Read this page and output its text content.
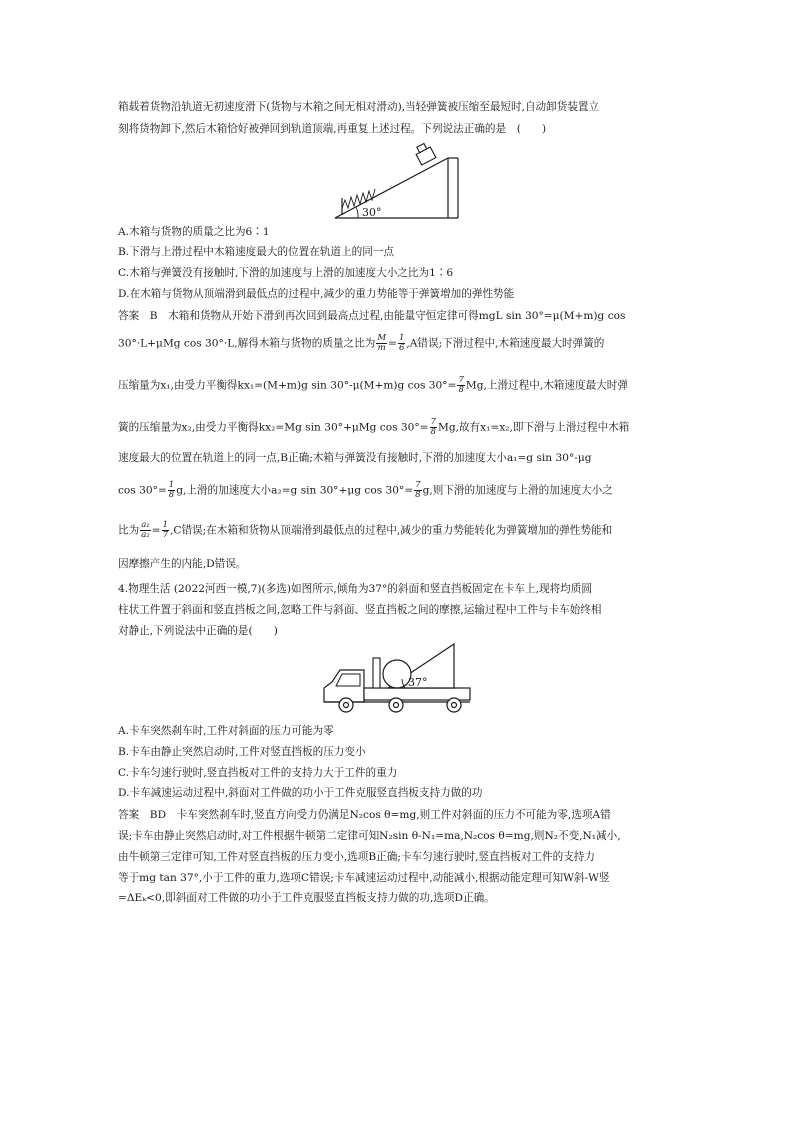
箱载着货物沿轨道无初速度滑下(货物与木箱之间无相对滑动),当轻弹簧被压缩至最短时,自动卸货装置立
刻将货物卸下,然后木箱恰好被弹回到轨道顶端,再重复上述过程。下列说法正确的是　(　　)
30°
A.木箱与货物的质量之比为6∶1
B.下滑与上滑过程中木箱速度最大的位置在轨道上的同一点
C.木箱与弹簧没有接触时,下滑的加速度与上滑的加速度大小之比为1∶6
D.在木箱与货物从顶端滑到最低点的过程中,减少的重力势能等于弹簧增加的弹性势能
答案　B　木箱和货物从开始下滑到再次回到最高点过程,由能量守恒定律可得mgL sin 30°=μ(M+m)g cos
30°·L+μMg cos 30°·L,解得木箱与货物的质量之比为 $\frac{M}{m} = \frac{1}{6} ,A$错误;下滑过程中,木箱速度最大时弹簧的
压缩量为x₁,由受力平衡得kx₁=(M+m)g sin 30°-μ(M+m)g $\cos 30^\circ= \frac{7}{8} Mg$,上滑过程中,木箱速度最大时弹
簧的压缩量为x₂,由受力平衡得kx₂=Mg sin 30°+μMg $\cos 30^\circ= \frac{7}{8} Mg$,故有x₁=x₂,即下滑与上滑过程中木箱
速度最大的位置在轨道上的同一点,B正确;木箱与弹簧没有接触时,下滑的加速度大小a₁=g sin 30°-μg
$\cos 30^\circ= \frac{1}{8} g$,上滑的加速度大小a₂=g sin 30°+μg $\cos 30^\circ= \frac{7}{8} g$,则下滑的加速度与上滑的加速度大小之
比为 $\frac{\text{a₁}}{\text{a₂}} = \frac{1}{7} ,C$错误;在木箱和货物从顶端滑到最低点的过程中,减少的重力势能转化为弹簧增加的弹性势能和
因摩擦产生的内能,D错误。
4.物理生活 (2022河西一模,7)(多选)如图所示,倾角为37°的斜面和竖直挡板固定在卡车上,现将均质圆
柱状工件置于斜面和竖直挡板之间,忽略工件与斜面、竖直挡板之间的摩擦,运输过程中工件与卡车始终相
对静止,下列说法中正确的是(　　)
37°
A.卡车突然刹车时,工件对斜面的压力可能为零
B.卡车由静止突然启动时,工件对竖直挡板的压力变小
C.卡车匀速行驶时,竖直挡板对工件的支持力大于工件的重力
D.卡车减速运动过程中,斜面对工件做的功小于工件克服竖直挡板支持力做的功
答案　BD　卡车突然刹车时,竖直方向受力仍满足N₂cos θ=mg,则工件对斜面的压力不可能为零,选项A错
误;卡车由静止突然启动时,对工件根据牛顿第二定律可知N₂sin θ-N₁=ma,N₂cos θ=mg,则N₂不变,N₁减小,
由牛顿第三定律可知,工件对竖直挡板的压力变小,选项B正确;卡车匀速行驶时,竖直挡板对工件的支持力
等于mg tan 37°,小于工件的重力,选项C错误;卡车减速运动过程中,动能减小,根据动能定理可知W斜-W竖
=ΔEₖ<0,即斜面对工件做的功小于工件克服竖直挡板支持力做的功,选项D正确。
